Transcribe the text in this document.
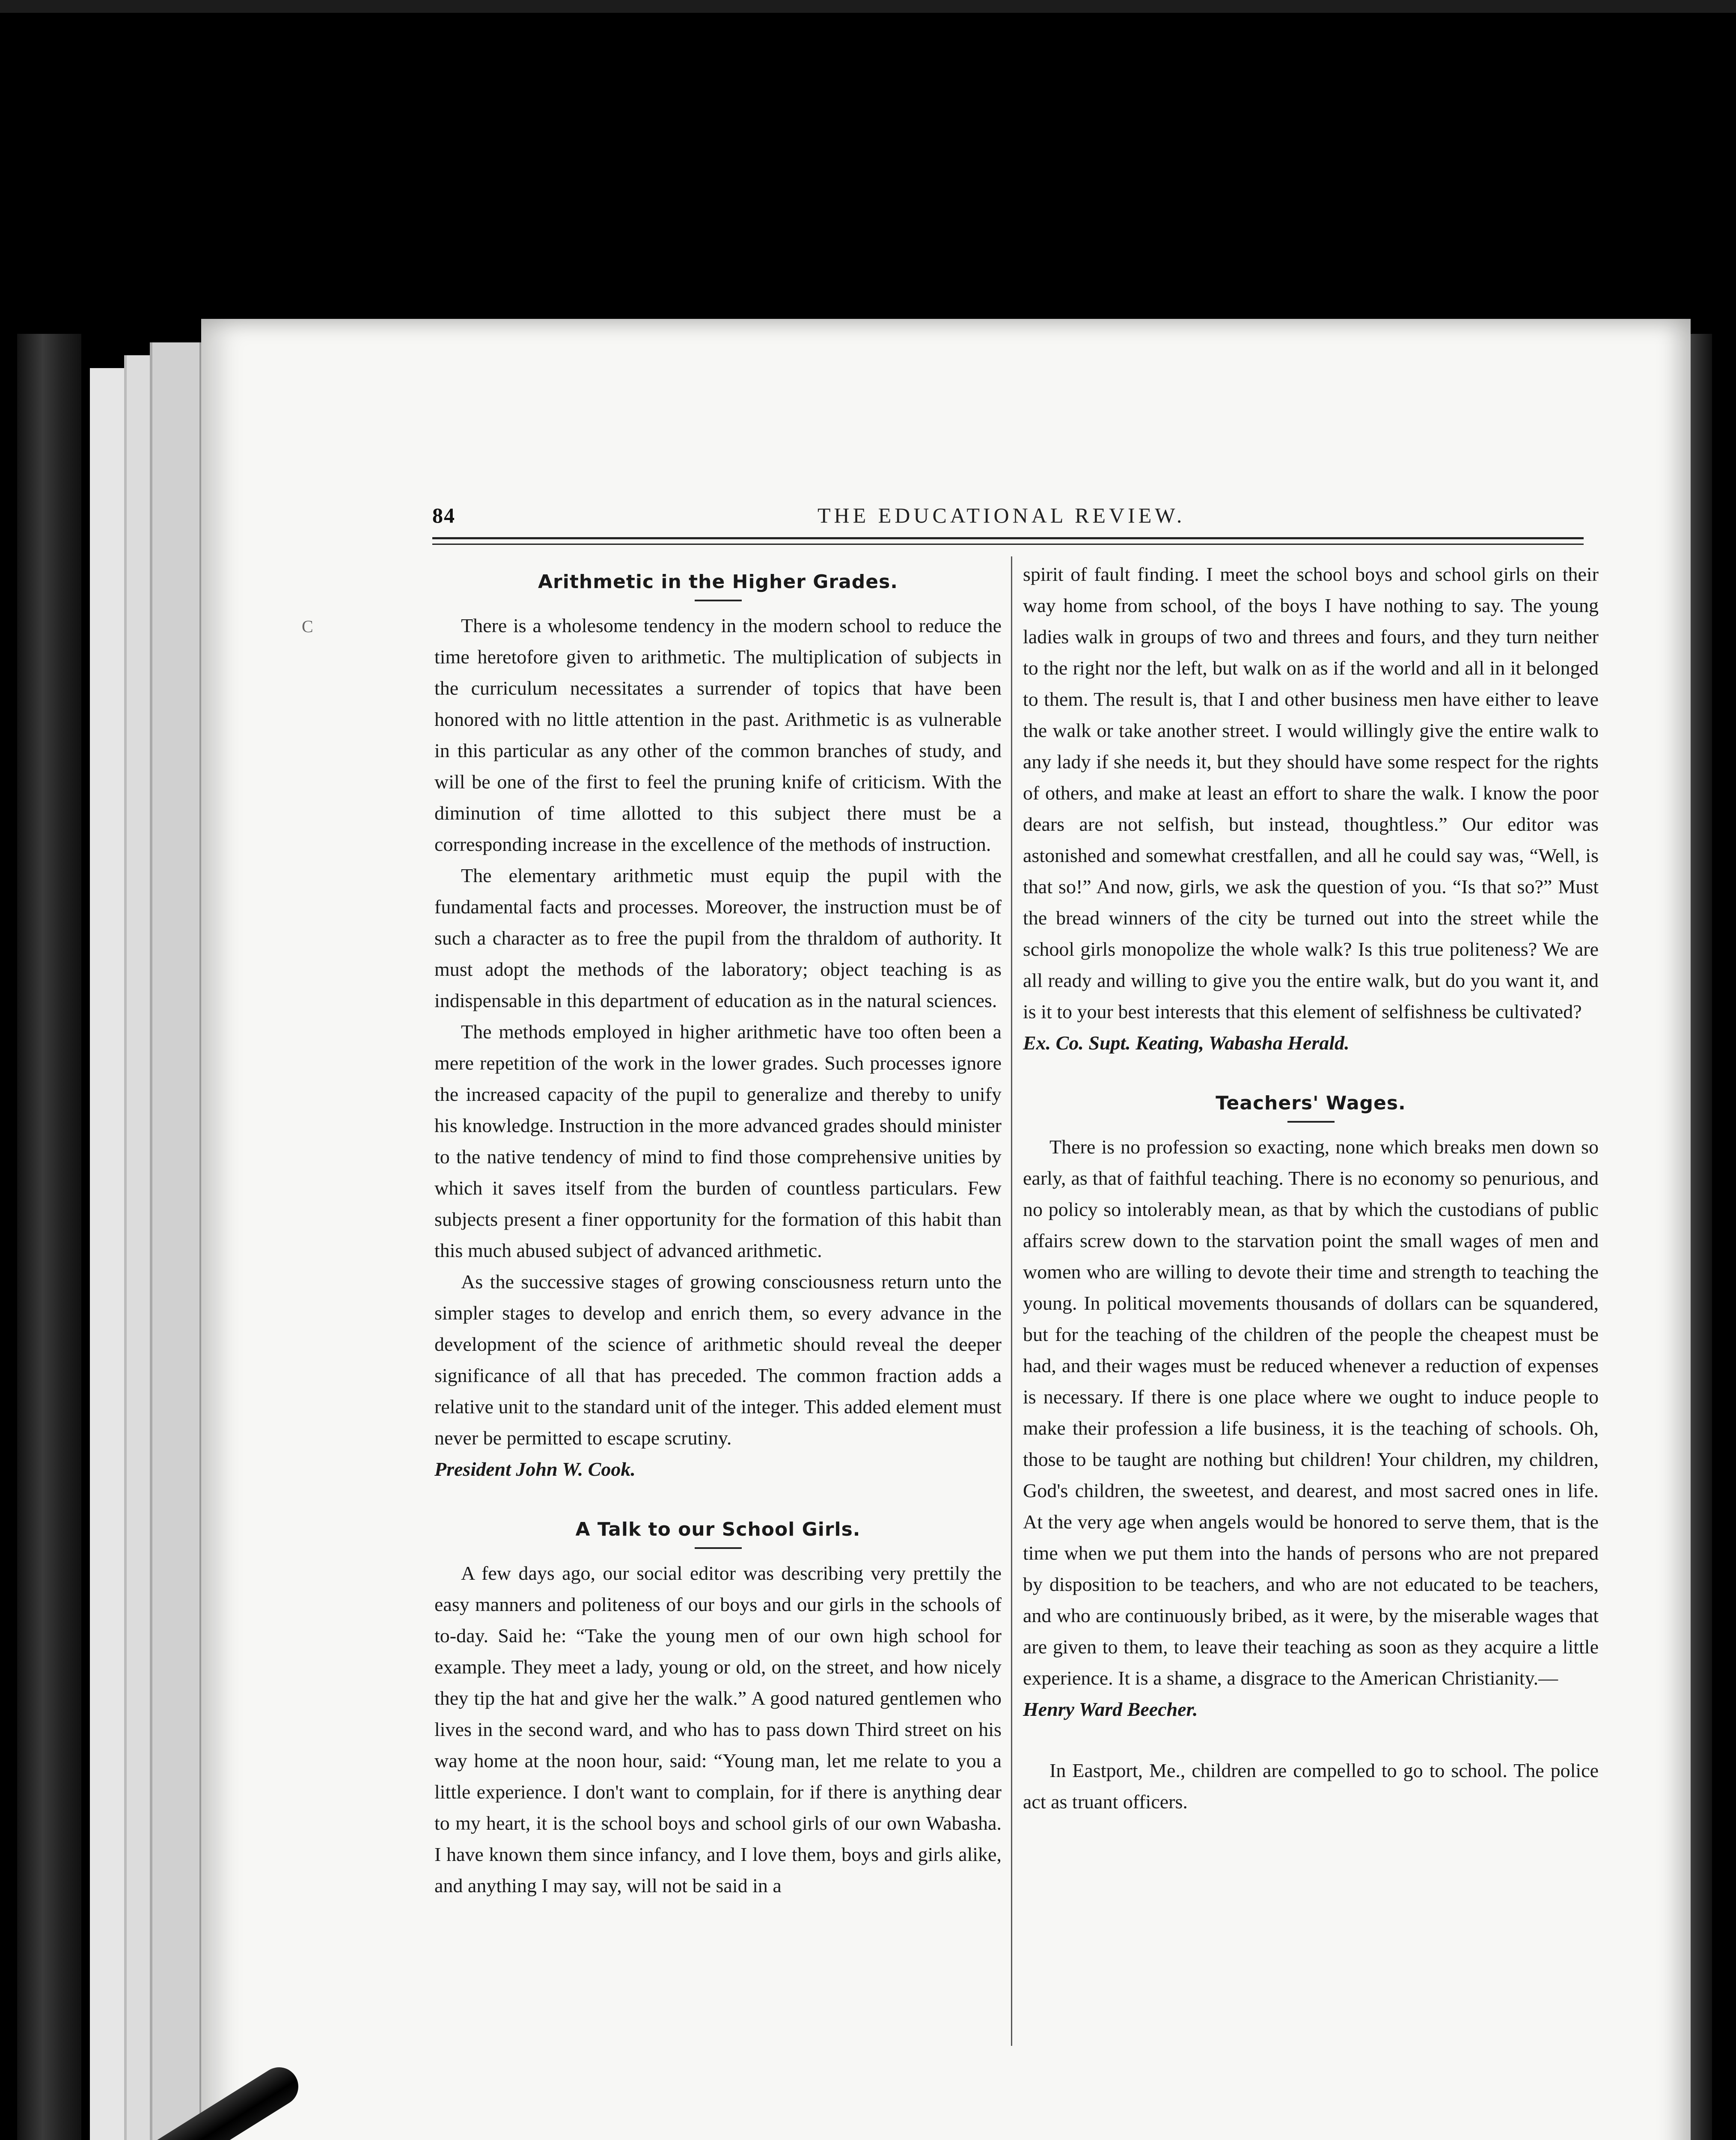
C
84	THE EDUCATIONAL REVIEW.
Arithmetic in the Higher Grades.

There is a wholesome tendency in the modern school to reduce the time heretofore given to arithmetic. The multiplication of subjects in the curriculum necessitates a surrender of topics that have been honored with no little attention in the past. Arithmetic is as vulnerable in this particular as any other of the common branches of study, and will be one of the first to feel the pruning knife of criticism. With the diminution of time allotted to this subject there must be a corresponding increase in the excellence of the methods of instruction.

The elementary arithmetic must equip the pupil with the fundamental facts and processes. Moreover, the instruction must be of such a character as to free the pupil from the thraldom of authority. It must adopt the methods of the laboratory; object teaching is as indispensable in this department of education as in the natural sciences.

The methods employed in higher arithmetic have too often been a mere repetition of the work in the lower grades. Such processes ignore the increased capacity of the pupil to generalize and thereby to unify his knowledge. Instruction in the more advanced grades should minister to the native tendency of mind to find those comprehensive unities by which it saves itself from the burden of countless particulars. Few subjects present a finer opportunity for the formation of this habit than this much abused subject of advanced arithmetic.

As the successive stages of growing consciousness return unto the simpler stages to develop and enrich them, so every advance in the development of the science of arithmetic should reveal the deeper significance of all that has preceded. The common fraction adds a relative unit to the standard unit of the integer. This added element must never be permitted to escape scrutiny.

President John W. Cook.

A Talk to our School Girls.

A few days ago, our social editor was describing very prettily the easy manners and politeness of our boys and our girls in the schools of to-day. Said he: “Take the young men of our own high school for example. They meet a lady, young or old, on the street, and how nicely they tip the hat and give her the walk.” A good natured gentlemen who lives in the second ward, and who has to pass down Third street on his way home at the noon hour, said: “Young man, let me relate to you a little experience. I don't want to complain, for if there is anything dear to my heart, it is the school boys and school girls of our own Wabasha. I have known them since infancy, and I love them, boys and girls alike, and anything I may say, will not be said in a

spirit of fault finding. I meet the school boys and school girls on their way home from school, of the boys I have nothing to say. The young ladies walk in groups of two and threes and fours, and they turn neither to the right nor the left, but walk on as if the world and all in it belonged to them. The result is, that I and other business men have either to leave the walk or take another street. I would willingly give the entire walk to any lady if she needs it, but they should have some respect for the rights of others, and make at least an effort to share the walk. I know the poor dears are not selfish, but instead, thoughtless.” Our editor was astonished and somewhat crestfallen, and all he could say was, “Well, is that so!” And now, girls, we ask the question of you. “Is that so?” Must the bread winners of the city be turned out into the street while the school girls monopolize the whole walk? Is this true politeness? We are all ready and willing to give you the entire walk, but do you want it, and is it to your best interests that this element of selfishness be cultivated?

Ex. Co. Supt. Keating, Wabasha Herald.

Teachers' Wages.

There is no profession so exacting, none which breaks men down so early, as that of faithful teaching. There is no economy so penurious, and no policy so intolerably mean, as that by which the custodians of public affairs screw down to the starvation point the small wages of men and women who are willing to devote their time and strength to teaching the young. In political movements thousands of dollars can be squandered, but for the teaching of the children of the people the cheapest must be had, and their wages must be reduced whenever a reduction of expenses is necessary. If there is one place where we ought to induce people to make their profession a life business, it is the teaching of schools. Oh, those to be taught are nothing but children! Your children, my children, God's children, the sweetest, and dearest, and most sacred ones in life. At the very age when angels would be honored to serve them, that is the time when we put them into the hands of persons who are not prepared by disposition to be teachers, and who are not educated to be teachers, and who are continuously bribed, as it were, by the miserable wages that are given to them, to leave their teaching as soon as they acquire a little experience. It is a shame, a disgrace to the American Christianity.—

Henry Ward Beecher.

In Eastport, Me., children are compelled to go to school. The police act as truant officers.
